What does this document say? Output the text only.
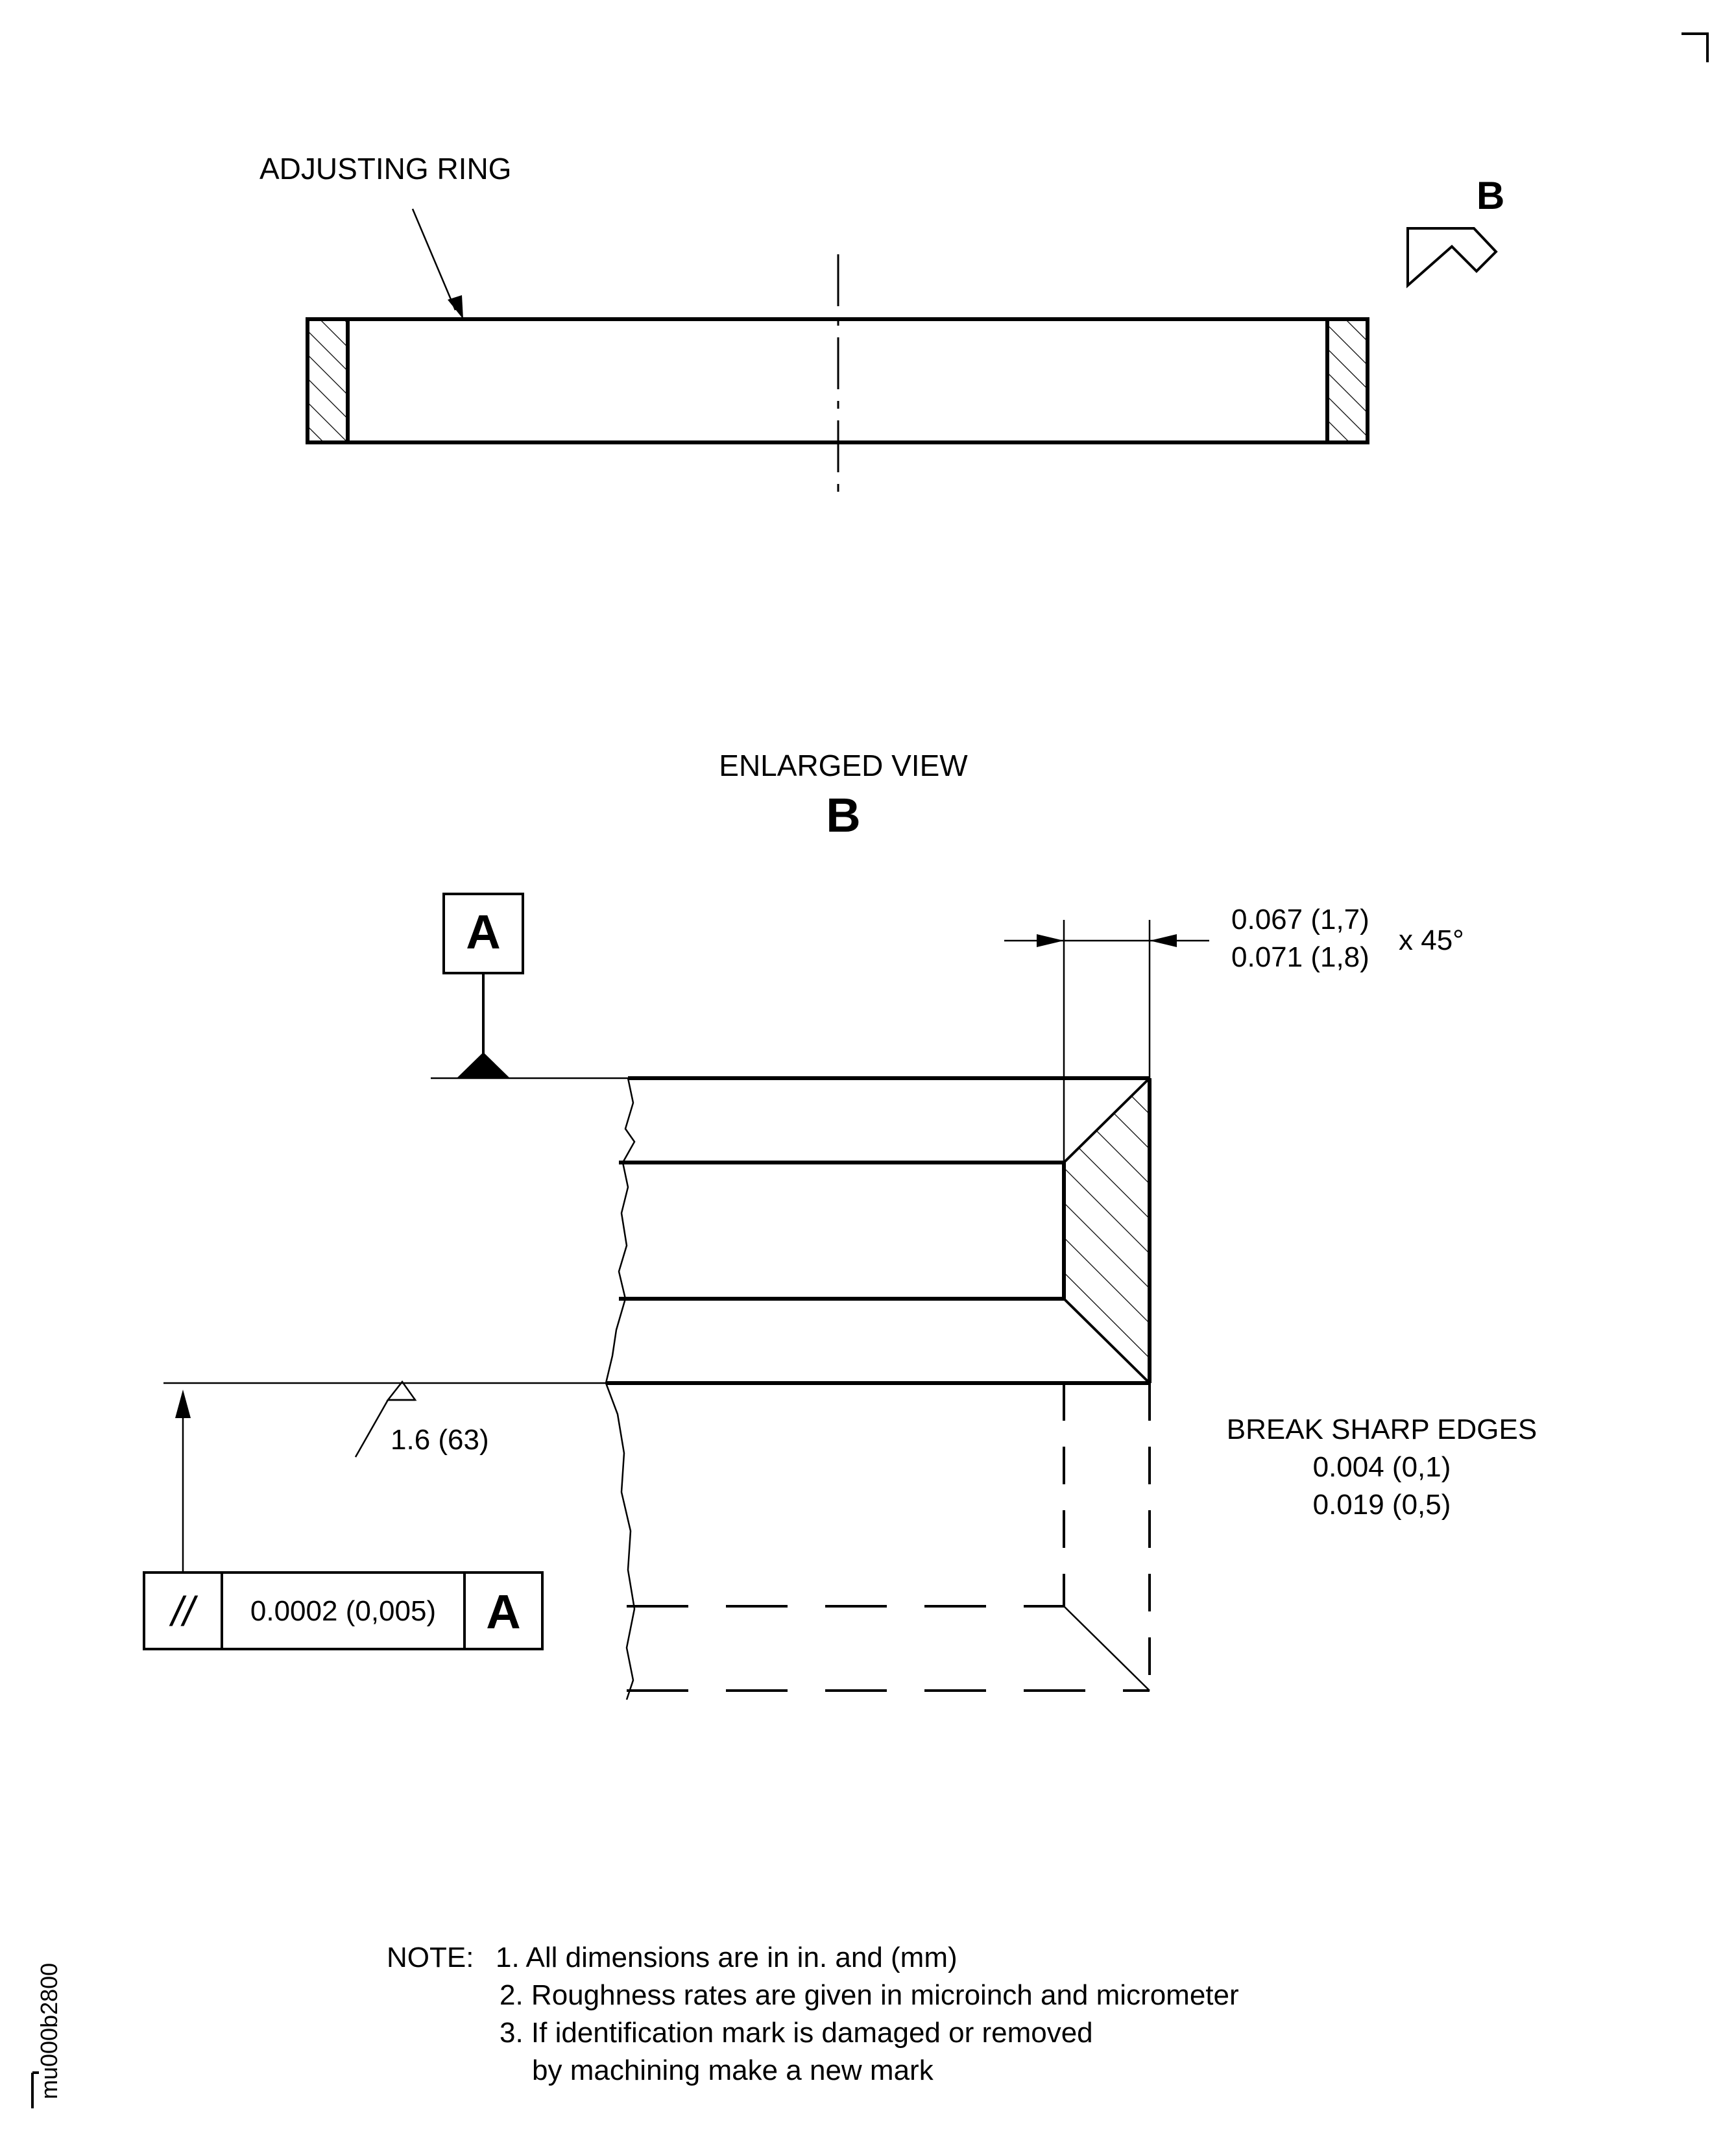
ADJUSTING RING
B
ENLARGED VIEW
B
A	0.067 (1,7)
0.071 (1,8)
x 45°
1.6 (63)	BREAK SHARP EDGES
0.004 (0,1)
0.019 (0,5)
// 0.0002 (0,005) A
NOTE: 1. All dimensions are in in. and (mm)
2. Roughness rates are given in microinch and micrometer
3. If identification mark is damaged or removed
by machining make a new mark
mu000b2800
